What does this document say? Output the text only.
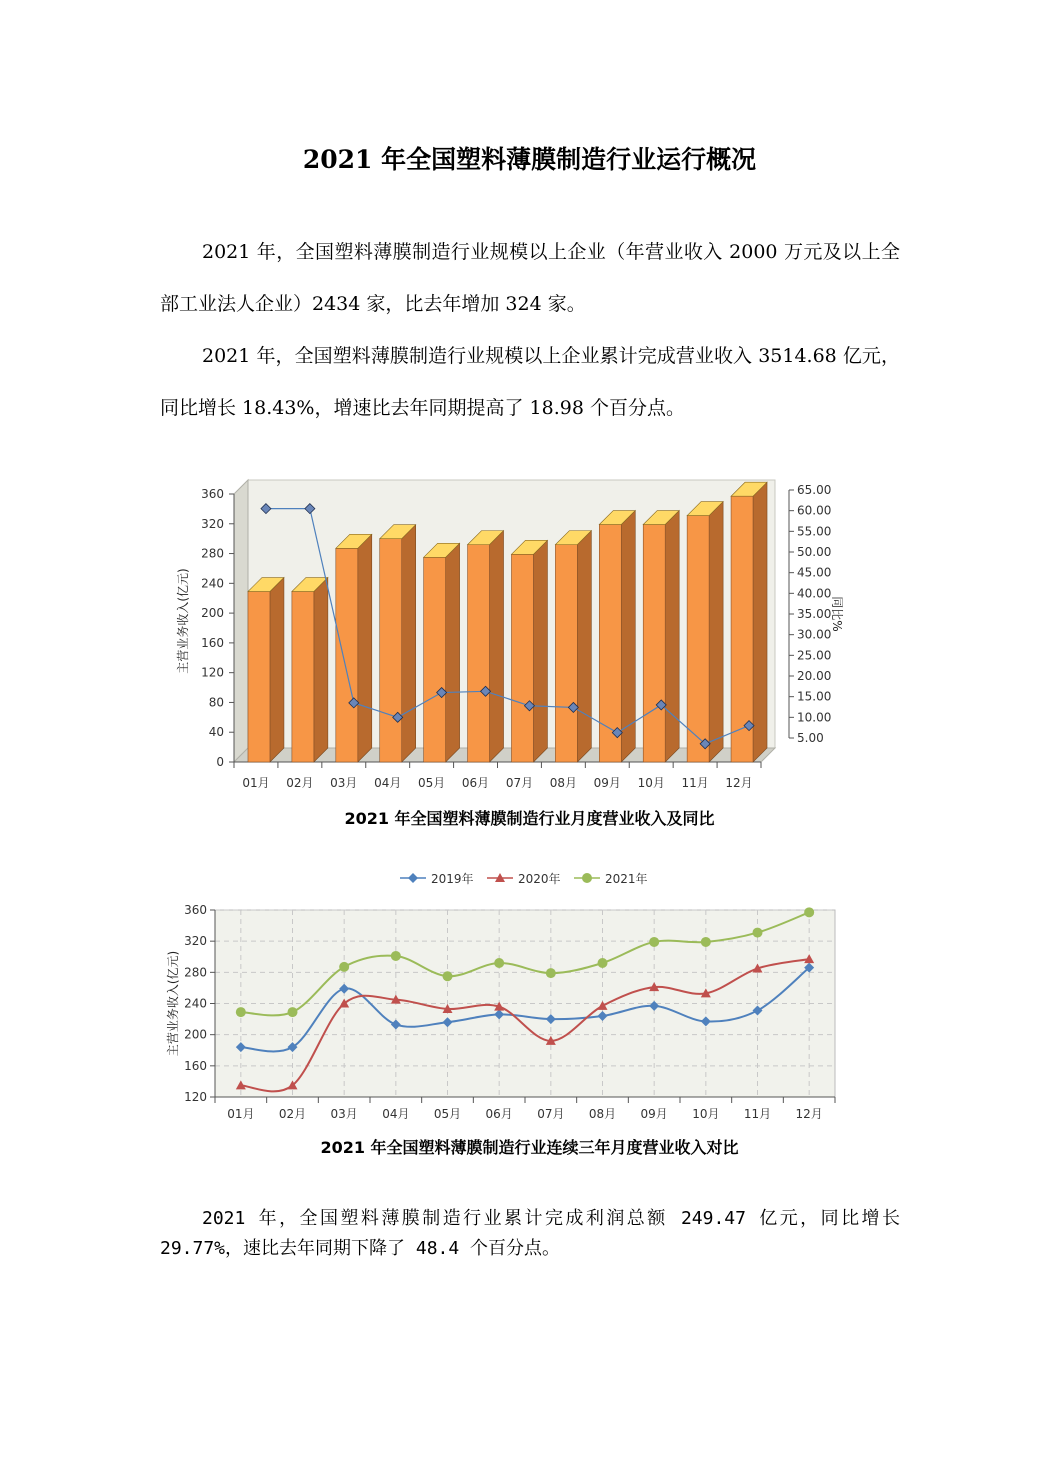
2021 年全国塑料薄膜制造行业运行概况

2021 年，全国塑料薄膜制造行业规模以上企业（年营业收入 2000 万元及以上全部工业法人企业）2434 家，比去年增加 324 家。

2021 年，全国塑料薄膜制造行业规模以上企业累计完成营业收入 3514.68 亿元，同比增长 18.43%，增速比去年同期提高了 18.98 个百分点。

0
40
80
120
160
200
240
280
320
360
5.00
10.00
15.00
20.00
25.00
30.00
35.00
40.00
45.00
50.00
55.00
60.00
65.00
主营业务收入(亿元)	同比%
01月 02月 03月 04月 05月 06月 07月 08月 09月 10月 11月 12月
2021 年全国塑料薄膜制造行业月度营业收入及同比
2019年	2020年	2021年
120
160
200
240
280
320
360
01月 02月 03月 04月 05月 06月 07月 08月 09月 10月 11月 12月
主营业务收入(亿元)
2021 年全国塑料薄膜制造行业连续三年月度营业收入对比

2021 年，全国塑料薄膜制造行业累计完成利润总额 249.47 亿元，同比增长 29.77%，速比去年同期下降了 48.4 个百分点。
